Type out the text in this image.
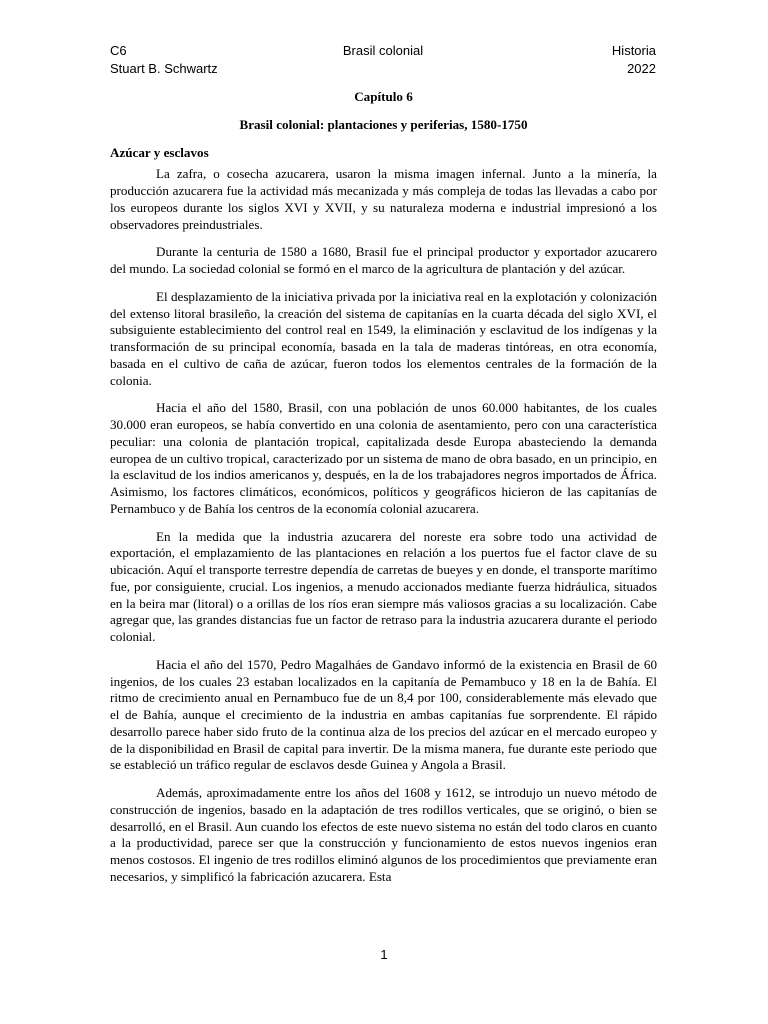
C6	Historia
Brasil colonial
Stuart B. Schwartz	2022
Capítulo 6
Brasil colonial: plantaciones y periferias, 1580-1750
Azúcar y esclavos

La zafra, o cosecha azucarera, usaron la misma imagen infernal. Junto a la minería, la producción azucarera fue la actividad más mecanizada y más compleja de todas las llevadas a cabo por los europeos durante los siglos XVI y XVII, y su naturaleza moderna e industrial impresionó a los observadores preindustriales.

Durante la centuria de 1580 a 1680, Brasil fue el principal productor y exportador azucarero del mundo. La sociedad colonial se formó en el marco de la agricultura de plantación y del azúcar.

El desplazamiento de la iniciativa privada por la iniciativa real en la explotación y colonización del extenso litoral brasileño, la creación del sistema de capitanías en la cuarta década del siglo XVI, el subsiguiente establecimiento del control real en 1549, la eliminación y esclavitud de los indígenas y la transformación de su principal economía, basada en la tala de maderas tintóreas, en otra economía, basada en el cultivo de caña de azúcar, fueron todos los elementos centrales de la formación de la colonia.

Hacia el año del 1580, Brasil, con una población de unos 60.000 habitantes, de los cuales 30.000 eran europeos, se había convertido en una colonia de asentamiento, pero con una característica peculiar: una colonia de plantación tropical, capitalizada desde Europa abasteciendo la demanda europea de un cultivo tropical, caracterizado por un sistema de mano de obra basado, en un principio, en la esclavitud de los indios americanos y, después, en la de los trabajadores negros importados de África. Asimismo, los factores climáticos, económicos, políticos y geográficos hicieron de las capitanías de Pernambuco y de Bahía los centros de la economía colonial azucarera.

En la medida que la industria azucarera del noreste era sobre todo una actividad de exportación, el emplazamiento de las plantaciones en relación a los puertos fue el factor clave de su ubicación. Aquí el transporte terrestre dependía de carretas de bueyes y en donde, el transporte marítimo fue, por consiguiente, crucial. Los ingenios, a menudo accionados mediante fuerza hidráulica, situados en la beira mar (litoral) o a orillas de los ríos eran siempre más valiosos gracias a su localización. Cabe agregar que, las grandes distancias fue un factor de retraso para la industria azucarera durante el periodo colonial.

Hacia el año del 1570, Pedro Magalháes de Gandavo informó de la existencia en Brasil de 60 ingenios, de los cuales 23 estaban localizados en la capitanía de Pemambuco y 18 en la de Bahía. El ritmo de crecimiento anual en Pernambuco fue de un 8,4 por 100, considerablemente más elevado que el de Bahía, aunque el crecimiento de la industria en ambas capitanías fue sorprendente. El rápido desarrollo parece haber sido fruto de la continua alza de los precios del azúcar en el mercado europeo y de la disponibilidad en Brasil de capital para invertir. De la misma manera, fue durante este periodo que se estableció un tráfico regular de esclavos desde Guinea y Angola a Brasil.

Además, aproximadamente entre los años del 1608 y 1612, se introdujo un nuevo método de construcción de ingenios, basado en la adaptación de tres rodillos verticales, que se originó, o bien se desarrolló, en el Brasil. Aun cuando los efectos de este nuevo sistema no están del todo claros en cuanto a la productividad, parece ser que la construcción y funcionamiento de estos nuevos ingenios eran menos costosos. El ingenio de tres rodillos eliminó algunos de los procedimientos que previamente eran necesarios, y simplificó la fabricación azucarera. Esta

1
